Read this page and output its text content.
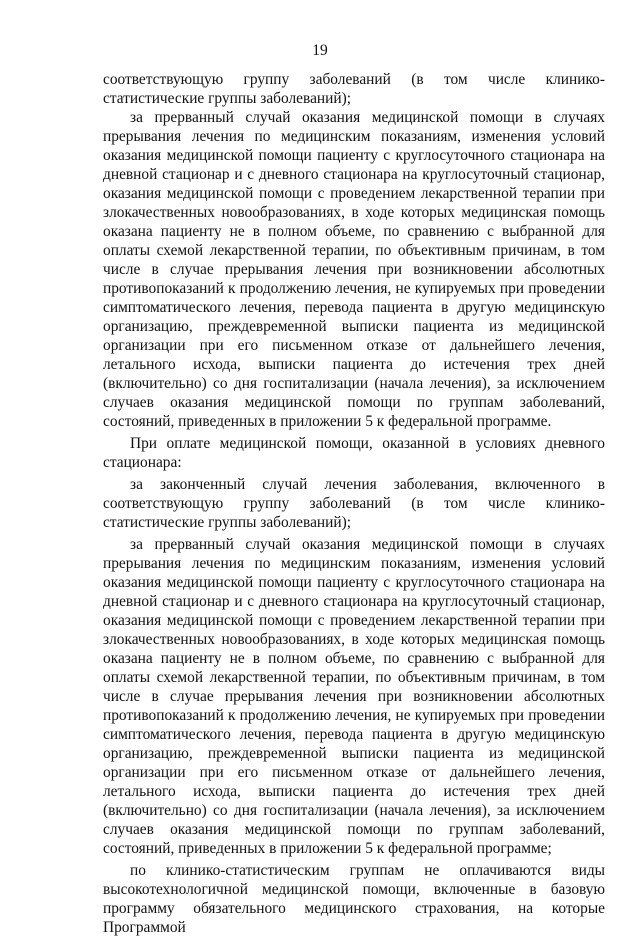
19

соответствующую группу заболеваний (в том числе клинико-статистические группы заболеваний);

за прерванный случай оказания медицинской помощи в случаях прерывания лечения по медицинским показаниям, изменения условий оказания медицинской помощи пациенту с круглосуточного стационара на дневной стационар и с дневного стационара на круглосуточный стационар, оказания медицинской помощи с проведением лекарственной терапии при злокачественных новообразованиях, в ходе которых медицинская помощь оказана пациенту не в полном объеме, по сравнению с выбранной для оплаты схемой лекарственной терапии, по объективным причинам, в том числе в случае прерывания лечения при возникновении абсолютных противопоказаний к продолжению лечения, не купируемых при проведении симптоматического лечения, перевода пациента в другую медицинскую организацию, преждевременной выписки пациента из медицинской организации при его письменном отказе от дальнейшего лечения, летального исхода, выписки пациента до истечения трех дней (включительно) со дня госпитализации (начала лечения), за исключением случаев оказания медицинской помощи по группам заболеваний, состояний, приведенных в приложении 5 к федеральной программе.

При оплате медицинской помощи, оказанной в условиях дневного стационара:

за законченный случай лечения заболевания, включенного в соответствующую группу заболеваний (в том числе клинико-статистические группы заболеваний);

за прерванный случай оказания медицинской помощи в случаях прерывания лечения по медицинским показаниям, изменения условий оказания медицинской помощи пациенту с круглосуточного стационара на дневной стационар и с дневного стационара на круглосуточный стационар, оказания медицинской помощи с проведением лекарственной терапии при злокачественных новообразованиях, в ходе которых медицинская помощь оказана пациенту не в полном объеме, по сравнению с выбранной для оплаты схемой лекарственной терапии, по объективным причинам, в том числе в случае прерывания лечения при возникновении абсолютных противопоказаний к продолжению лечения, не купируемых при проведении симптоматического лечения, перевода пациента в другую медицинскую организацию, преждевременной выписки пациента из медицинской организации при его письменном отказе от дальнейшего лечения, летального исхода, выписки пациента до истечения трех дней (включительно) со дня госпитализации (начала лечения), за исключением случаев оказания медицинской помощи по группам заболеваний, состояний, приведенных в приложении 5 к федеральной программе;

по клинико-статистическим группам не оплачиваются виды высокотехнологичной медицинской помощи, включенные в базовую программу обязательного медицинского страхования, на которые Программой
